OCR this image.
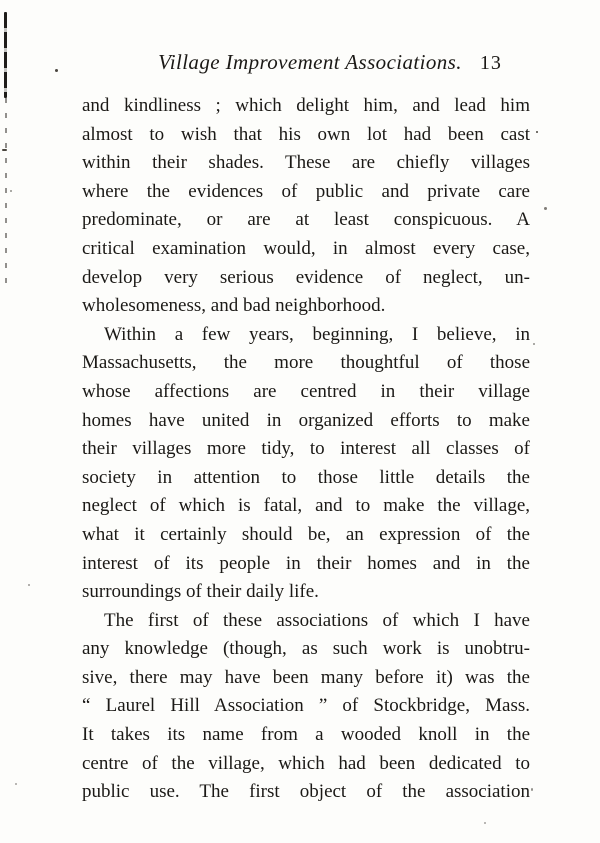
Village Improvement Associations. 13
and kindliness ; which delight him, and lead him
almost to wish that his own lot had been cast
within their shades. These are chiefly villages
where the evidences of public and private care
predominate, or are at least conspicuous. A
critical examination would, in almost every case,
develop very serious evidence of neglect, un-
wholesomeness, and bad neighborhood.
Within a few years, beginning, I believe, in
Massachusetts, the more thoughtful of those
whose affections are centred in their village
homes have united in organized efforts to make
their villages more tidy, to interest all classes of
society in attention to those little details the
neglect of which is fatal, and to make the village,
what it certainly should be, an expression of the
interest of its people in their homes and in the
surroundings of their daily life.
The first of these associations of which I have
any knowledge (though, as such work is unobtru-
sive, there may have been many before it) was the
“ Laurel Hill Association ” of Stockbridge, Mass.
It takes its name from a wooded knoll in the
centre of the village, which had been dedicated to
public use. The first object of the association
